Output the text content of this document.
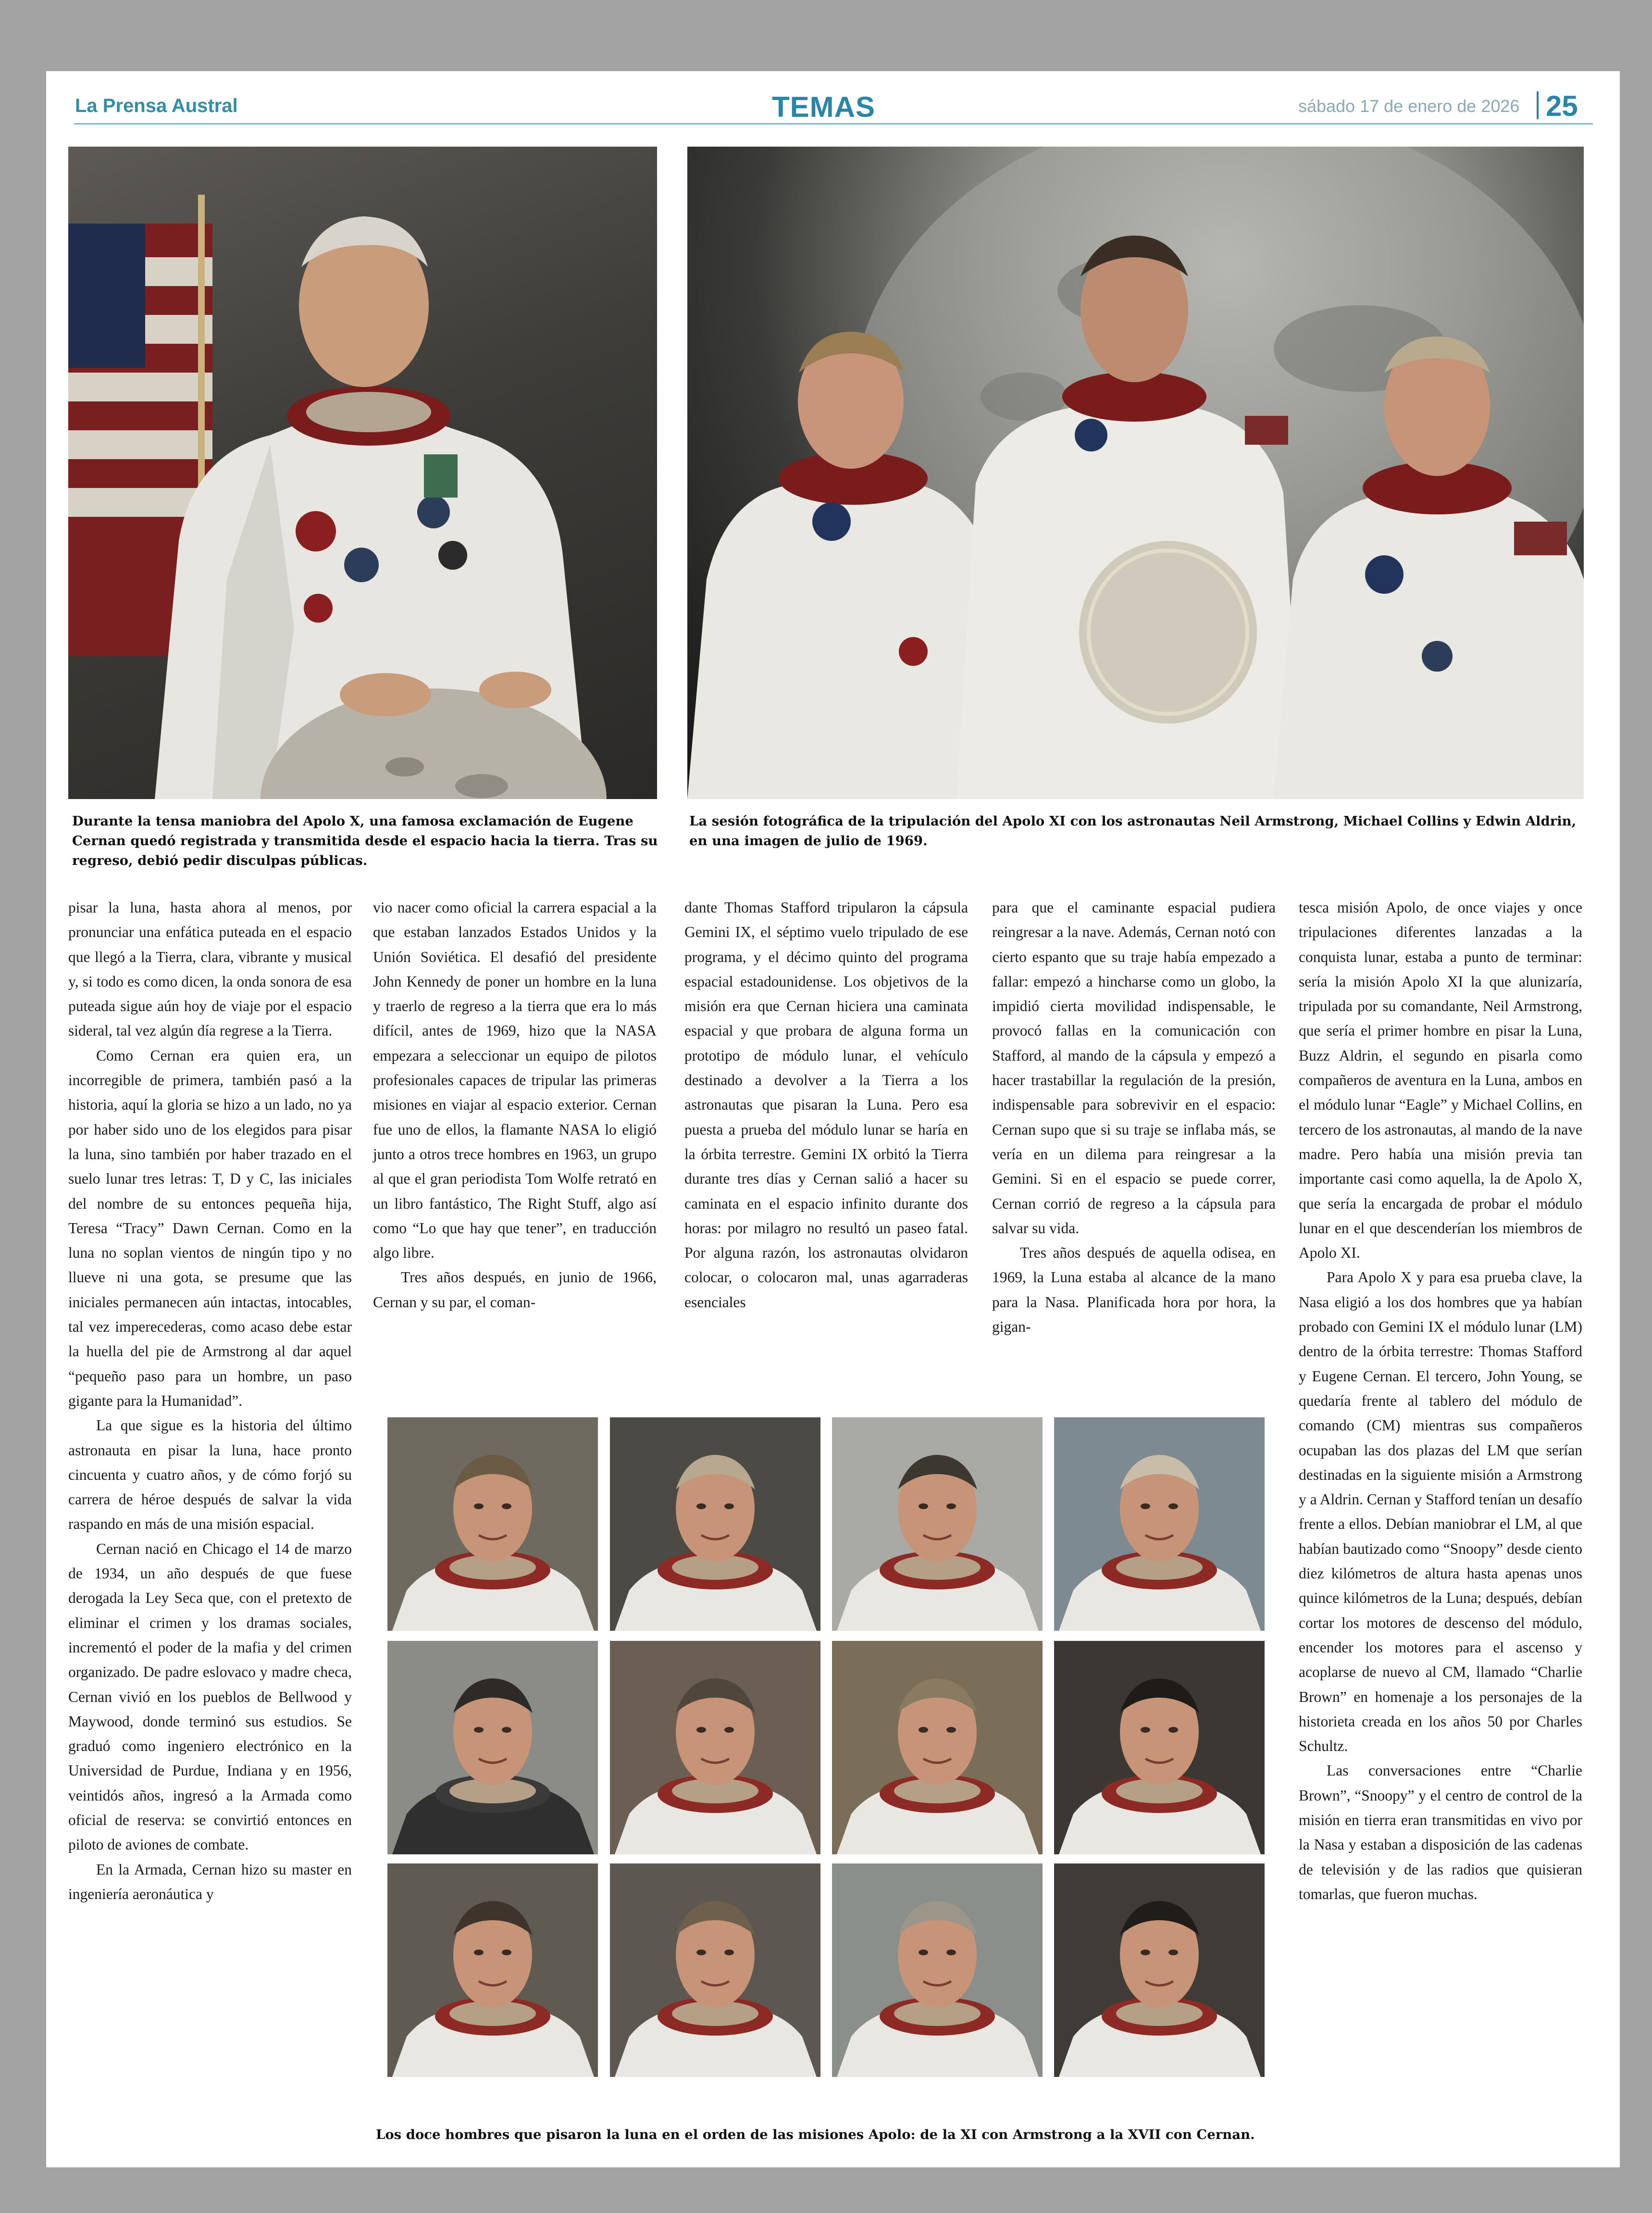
La Prensa Austral	TEMAS	sábado 17 de enero de 2026 25
Durante la tensa maniobra del Apolo X, una famosa exclamación de Eugene Cernan quedó registrada y transmitida desde el espacio hacia la tierra. Tras su regreso, debió pedir disculpas públicas.
La sesión fotográfica de la tripulación del Apolo XI con los astronautas Neil Armstrong, Michael Collins y Edwin Aldrin, en una imagen de julio de 1969.

pisar la luna, hasta ahora al menos, por pronunciar una enfática puteada en el espacio que llegó a la Tierra, clara, vibrante y musical y, si todo es como dicen, la onda sonora de esa puteada sigue aún hoy de viaje por el espacio sideral, tal vez algún día regrese a la Tierra.

Como Cernan era quien era, un incorregible de primera, también pasó a la historia, aquí la gloria se hizo a un lado, no ya por haber sido uno de los elegidos para pisar la luna, sino también por haber trazado en el suelo lunar tres letras: T, D y C, las iniciales del nombre de su entonces pequeña hija, Teresa “Tracy” Dawn Cernan. Como en la luna no soplan vientos de ningún tipo y no llueve ni una gota, se presume que las iniciales permanecen aún intactas, intocables, tal vez imperecederas, como acaso debe estar la huella del pie de Armstrong al dar aquel “pequeño paso para un hombre, un paso gigante para la Humanidad”.

La que sigue es la historia del último astronauta en pisar la luna, hace pronto cincuenta y cuatro años, y de cómo forjó su carrera de héroe después de salvar la vida raspando en más de una misión espacial.

Cernan nació en Chicago el 14 de marzo de 1934, un año después de que fuese derogada la Ley Seca que, con el pretexto de eliminar el crimen y los dramas sociales, incrementó el poder de la mafia y del crimen organizado. De padre eslovaco y madre checa, Cernan vivió en los pueblos de Bellwood y Maywood, donde terminó sus estudios. Se graduó como ingeniero electrónico en la Universidad de Purdue, Indiana y en 1956, veintidós años, ingresó a la Armada como oficial de reserva: se convirtió entonces en piloto de aviones de combate.

En la Armada, Cernan hizo su master en ingeniería aeronáutica y

vio nacer como oficial la carrera espacial a la que estaban lanzados Estados Unidos y la Unión Soviética. El desafió del presidente John Kennedy de poner un hombre en la luna y traerlo de regreso a la tierra que era lo más difícil, antes de 1969, hizo que la NASA empezara a seleccionar un equipo de pilotos profesionales capaces de tripular las primeras misiones en viajar al espacio exterior. Cernan fue uno de ellos, la flamante NASA lo eligió junto a otros trece hombres en 1963, un grupo al que el gran periodista Tom Wolfe retrató en un libro fantástico, The Right Stuff, algo así como “Lo que hay que tener”, en traducción algo libre.

Tres años después, en junio de 1966, Cernan y su par, el coman-

dante Thomas Stafford tripularon la cápsula Gemini IX, el séptimo vuelo tripulado de ese programa, y el décimo quinto del programa espacial estadounidense. Los objetivos de la misión era que Cernan hiciera una caminata espacial y que probara de alguna forma un prototipo de módulo lunar, el vehículo destinado a devolver a la Tierra a los astronautas que pisaran la Luna. Pero esa puesta a prueba del módulo lunar se haría en la órbita terrestre. Gemini IX orbitó la Tierra durante tres días y Cernan salió a hacer su caminata en el espacio infinito durante dos horas: por milagro no resultó un paseo fatal. Por alguna razón, los astronautas olvidaron colocar, o colocaron mal, unas agarraderas esenciales

para que el caminante espacial pudiera reingresar a la nave. Además, Cernan notó con cierto espanto que su traje había empezado a fallar: empezó a hincharse como un globo, la impidió cierta movilidad indispensable, le provocó fallas en la comunicación con Stafford, al mando de la cápsula y empezó a hacer trastabillar la regulación de la presión, indispensable para sobrevivir en el espacio: Cernan supo que si su traje se inflaba más, se vería en un dilema para reingresar a la Gemini. Si en el espacio se puede correr, Cernan corrió de regreso a la cápsula para salvar su vida.

Tres años después de aquella odisea, en 1969, la Luna estaba al alcance de la mano para la Nasa. Planificada hora por hora, la gigan-

tesca misión Apolo, de once viajes y once tripulaciones diferentes lanzadas a la conquista lunar, estaba a punto de terminar: sería la misión Apolo XI la que alunizaría, tripulada por su comandante, Neil Armstrong, que sería el primer hombre en pisar la Luna, Buzz Aldrin, el segundo en pisarla como compañeros de aventura en la Luna, ambos en el módulo lunar “Eagle” y Michael Collins, en tercero de los astronautas, al mando de la nave madre. Pero había una misión previa tan importante casi como aquella, la de Apolo X, que sería la encargada de probar el módulo lunar en el que descenderían los miembros de Apolo XI.

Para Apolo X y para esa prueba clave, la Nasa eligió a los dos hombres que ya habían probado con Gemini IX el módulo lunar (LM) dentro de la órbita terrestre: Thomas Stafford y Eugene Cernan. El tercero, John Young, se quedaría frente al tablero del módulo de comando (CM) mientras sus compañeros ocupaban las dos plazas del LM que serían destinadas en la siguiente misión a Armstrong y a Aldrin. Cernan y Stafford tenían un desafío frente a ellos. Debían maniobrar el LM, al que habían bautizado como “Snoopy” desde ciento diez kilómetros de altura hasta apenas unos quince kilómetros de la Luna; después, debían cortar los motores de descenso del módulo, encender los motores para el ascenso y acoplarse de nuevo al CM, llamado “Charlie Brown” en homenaje a los personajes de la historieta creada en los años 50 por Charles Schultz.

Las conversaciones entre “Charlie Brown”, “Snoopy” y el centro de control de la misión en tierra eran transmitidas en vivo por la Nasa y estaban a disposición de las cadenas de televisión y de las radios que quisieran tomarlas, que fueron muchas.

Los doce hombres que pisaron la luna en el orden de las misiones Apolo: de la XI con Armstrong a la XVII con Cernan.
